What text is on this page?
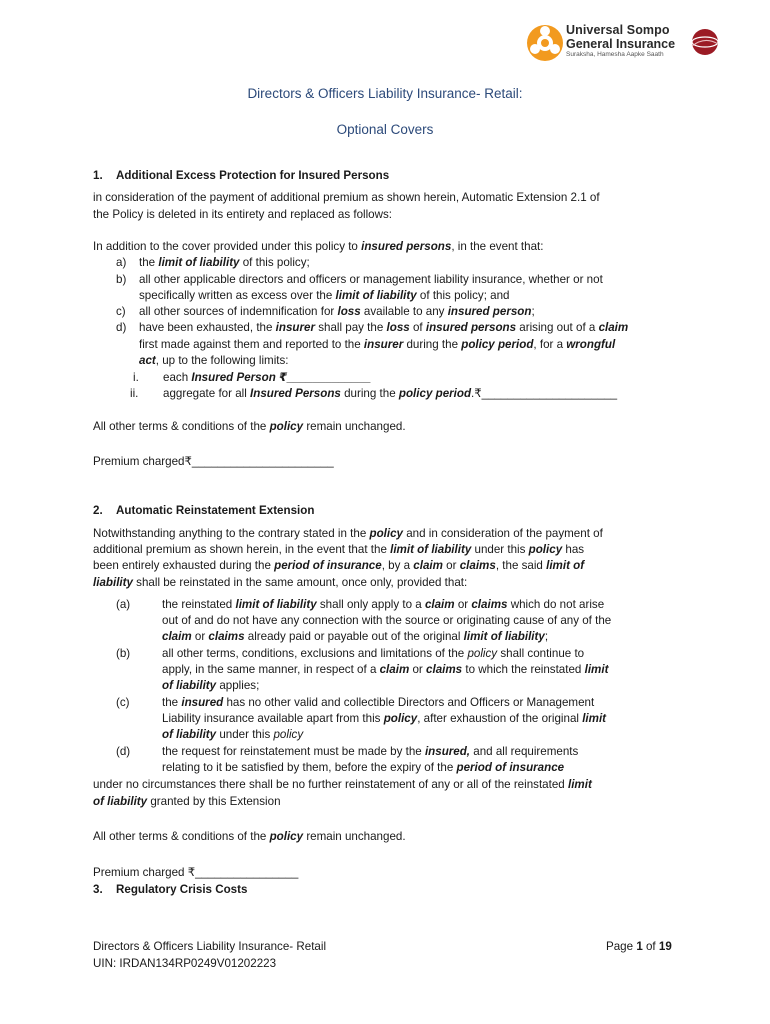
Universal Sompo
General Insurance
Suraksha, Hamesha Aapke Saath
Directors & Officers Liability Insurance- Retail:
Optional Covers
1. Additional Excess Protection for Insured Persons
in consideration of the payment of additional premium as shown herein, Automatic Extension 2.1 of
the Policy is deleted in its entirety and replaced as follows:
In addition to the cover provided under this policy to insured persons, in the event that:
a) the limit of liability of this policy;
b) all other applicable directors and officers or management liability insurance, whether or not
specifically written as excess over the limit of liability of this policy; and
c) all other sources of indemnification for loss available to any insured person;
d) have been exhausted, the insurer shall pay the loss of insured persons arising out of a claim
first made against them and reported to the insurer during the policy period, for a wrongful
act, up to the following limits:
i. each Insured Person ₹_____________
ii. aggregate for all Insured Persons during the policy period.₹_____________________
All other terms & conditions of the policy remain unchanged.
Premium charged₹______________________
2. Automatic Reinstatement Extension
Notwithstanding anything to the contrary stated in the policy and in consideration of the payment of
additional premium as shown herein, in the event that the limit of liability under this policy has
been entirely exhausted during the period of insurance, by a claim or claims, the said limit of
liability shall be reinstated in the same amount, once only, provided that:
(a)	the reinstated limit of liability shall only apply to a claim or claims which do not arise
out of and do not have any connection with the source or originating cause of any of the
claim or claims already paid or payable out of the original limit of liability;
(b)	all other terms, conditions, exclusions and limitations of the policy shall continue to
apply, in the same manner, in respect of a claim or claims to which the reinstated limit
of liability applies;
(c)	the insured has no other valid and collectible Directors and Officers or Management
Liability insurance available apart from this policy, after exhaustion of the original limit
of liability under this policy
(d)	the request for reinstatement must be made by the insured, and all requirements
relating to it be satisfied by them, before the expiry of the period of insurance
under no circumstances there shall be no further reinstatement of any or all of the reinstated limit
of liability granted by this Extension
All other terms & conditions of the policy remain unchanged.
Premium charged ₹________________
3. Regulatory Crisis Costs
Directors & Officers Liability Insurance- Retail
UIN: IRDAN134RP0249V01202223
Page 1 of 19
